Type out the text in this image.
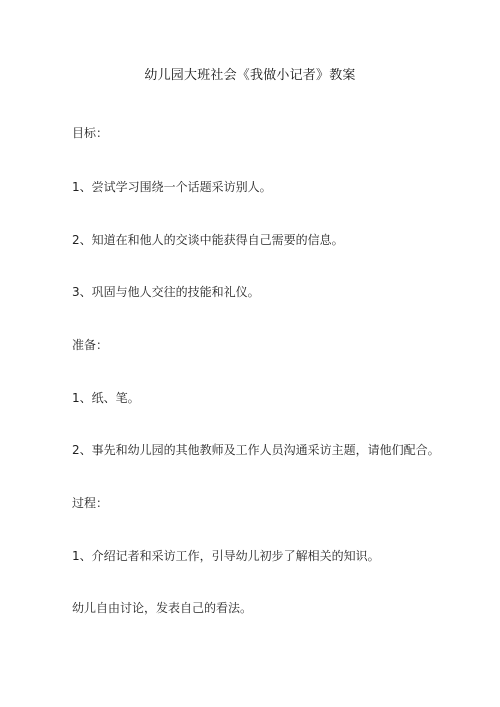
幼儿园大班社会《我做小记者》教案
目标：
1、尝试学习围绕一个话题采访别人。
2、知道在和他人的交谈中能获得自己需要的信息。
3、巩固与他人交往的技能和礼仪。
准备：
1、纸、笔。
2、事先和幼儿园的其他教师及工作人员沟通采访主题，请他们配合。
过程：
1、介绍记者和采访工作，引导幼儿初步了解相关的知识。
幼儿自由讨论，发表自己的看法。
